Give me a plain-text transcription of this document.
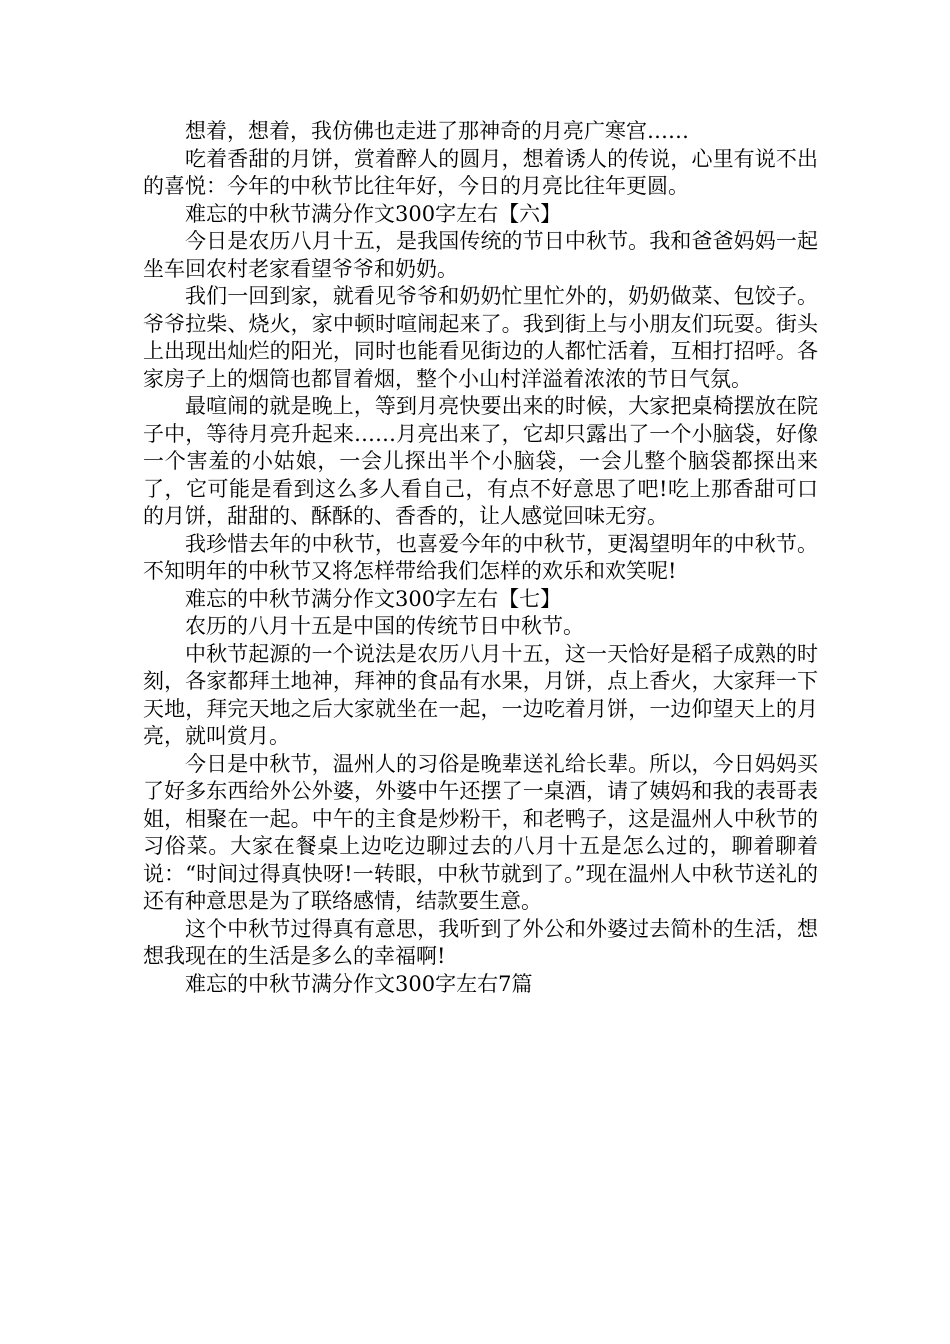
想着，想着，我仿佛也走进了那神奇的月亮广寒宫……

吃着香甜的月饼，赏着醉人的圆月，想着诱人的传说，心里有说不出的喜悦：今年的中秋节比往年好，今日的月亮比往年更圆。

难忘的中秋节满分作文300字左右【六】

今日是农历八月十五，是我国传统的节日中秋节。我和爸爸妈妈一起坐车回农村老家看望爷爷和奶奶。

我们一回到家，就看见爷爷和奶奶忙里忙外的，奶奶做菜、包饺子。爷爷拉柴、烧火，家中顿时喧闹起来了。我到街上与小朋友们玩耍。街头上出现出灿烂的阳光，同时也能看见街边的人都忙活着，互相打招呼。各家房子上的烟筒也都冒着烟，整个小山村洋溢着浓浓的节日气氛。

最喧闹的就是晚上，等到月亮快要出来的时候，大家把桌椅摆放在院子中，等待月亮升起来……月亮出来了，它却只露出了一个小脑袋，好像一个害羞的小姑娘，一会儿探出半个小脑袋，一会儿整个脑袋都探出来了，它可能是看到这么多人看自己，有点不好意思了吧!吃上那香甜可口的月饼，甜甜的、酥酥的、香香的，让人感觉回味无穷。

我珍惜去年的中秋节，也喜爱今年的中秋节，更渴望明年的中秋节。不知明年的中秋节又将怎样带给我们怎样的欢乐和欢笑呢!

难忘的中秋节满分作文300字左右【七】

农历的八月十五是中国的传统节日中秋节。

中秋节起源的一个说法是农历八月十五，这一天恰好是稻子成熟的时刻，各家都拜土地神，拜神的食品有水果，月饼，点上香火，大家拜一下天地，拜完天地之后大家就坐在一起，一边吃着月饼，一边仰望天上的月亮，就叫赏月。

今日是中秋节，温州人的习俗是晚辈送礼给长辈。所以，今日妈妈买了好多东西给外公外婆，外婆中午还摆了一桌酒，请了姨妈和我的表哥表姐，相聚在一起。中午的主食是炒粉干，和老鸭子，这是温州人中秋节的习俗菜。大家在餐桌上边吃边聊过去的八月十五是怎么过的，聊着聊着说：“时间过得真快呀!一转眼，中秋节就到了。”现在温州人中秋节送礼的还有种意思是为了联络感情，结款要生意。

这个中秋节过得真有意思，我听到了外公和外婆过去简朴的生活，想想我现在的生活是多么的幸福啊!

难忘的中秋节满分作文300字左右7篇
